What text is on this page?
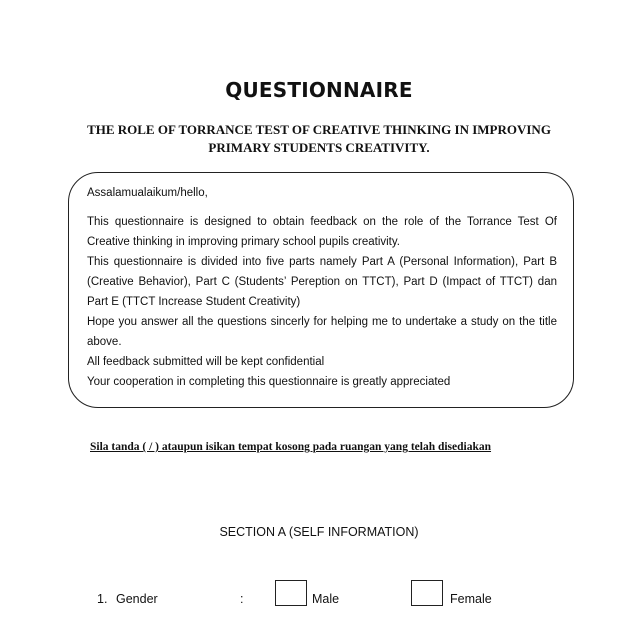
QUESTIONNAIRE

THE ROLE OF TORRANCE TEST OF CREATIVE THINKING IN IMPROVING PRIMARY STUDENTS CREATIVITY.

Assalamualaikum/hello,

This questionnaire is designed to obtain feedback on the role of the Torrance Test Of Creative thinking in improving primary school pupils creativity.

This questionnaire is divided into five parts namely Part A (Personal Information), Part B (Creative Behavior), Part C (Students’ Pereption on TTCT), Part D (Impact of TTCT) dan Part E (TTCT Increase Student Creativity)

Hope you answer all the questions sincerly for helping me to undertake a study on the title above.

All feedback submitted will be kept confidential

Your cooperation in completing this questionnaire is greatly appreciated

Sila tanda ( / ) ataupun isikan tempat kosong pada ruangan yang telah disediakan
SECTION A (SELF INFORMATION)
1. Gender	:	Male	Female
